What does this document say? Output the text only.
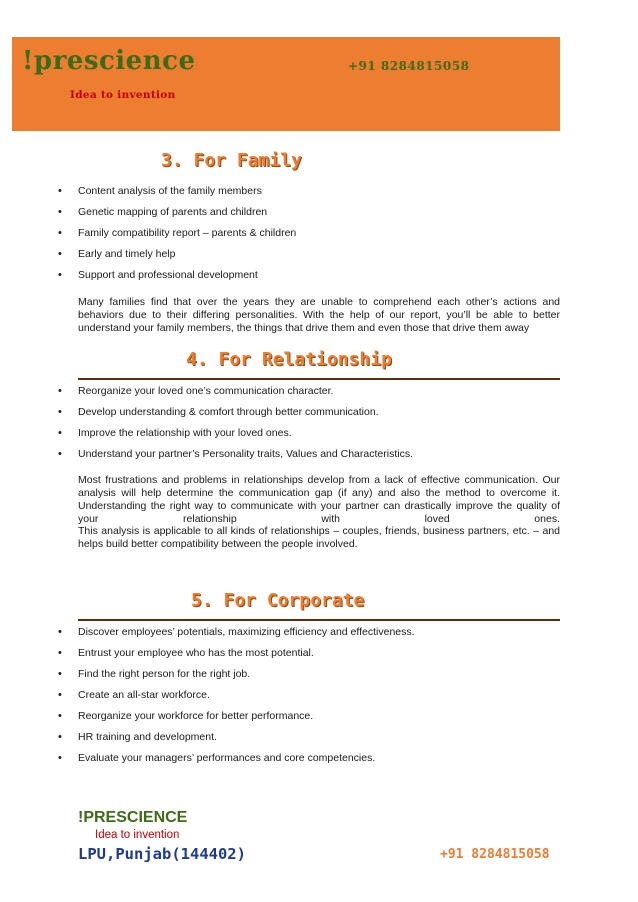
!prescience	+91 8284815058
Idea to invention
3. For Family
• Content analysis of the family members
• Genetic mapping of parents and children
• Family compatibility report – parents & children
• Early and timely help
• Support and professional development

Many families find that over the years they are unable to comprehend each other’s actions and behaviors due to their differing personalities. With the help of our report, you’ll be able to better understand your family members, the things that drive them and even those that drive them away

4. For Relationship
• Reorganize your loved one’s communication character.
• Develop understanding & comfort through better communication.
• Improve the relationship with your loved ones.
• Understand your partner’s Personality traits, Values and Characteristics.

Most frustrations and problems in relationships develop from a lack of effective communication. Our analysis will help determine the communication gap (if any) and also the method to overcome it. Understanding the right way to communicate with your partner can drastically improve the quality of your relationship with loved ones.

This analysis is applicable to all kinds of relationships – couples, friends, business partners, etc. – and helps build better compatibility between the people involved.

5. For Corporate
• Discover employees’ potentials, maximizing efficiency and effectiveness.
• Entrust your employee who has the most potential.
• Find the right person for the right job.
• Create an all-star workforce.
• Reorganize your workforce for better performance.
• HR training and development.
• Evaluate your managers’ performances and core competencies.
!PRESCIENCE
Idea to invention
LPU,Punjab(144402)	+91 8284815058
